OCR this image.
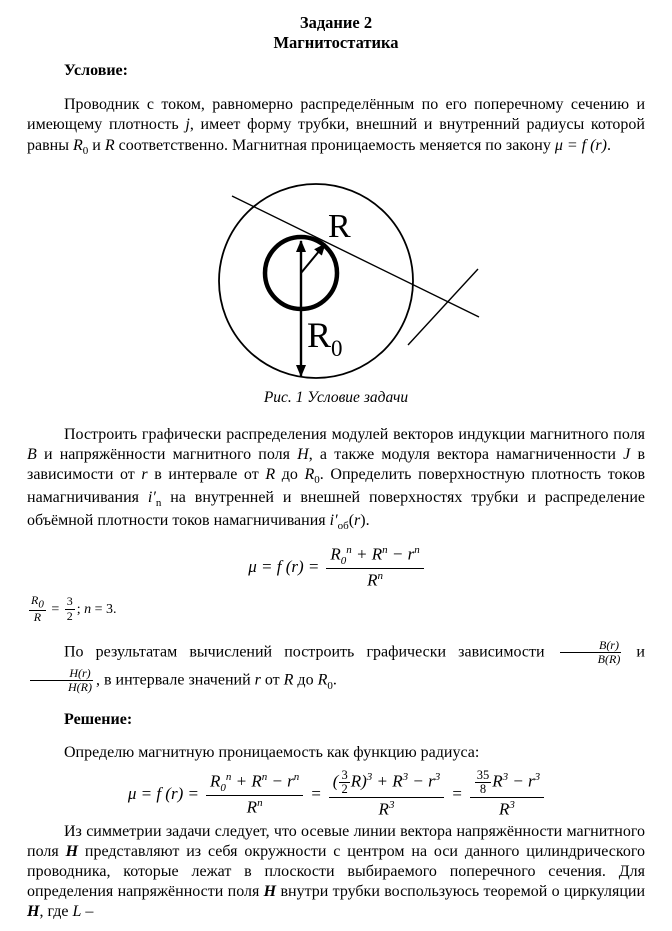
Задание 2
Магнитостатика
Условие:

Проводник с током, равномерно распределённым по его поперечному сечению и имеющему плотность j, имеет форму трубки, внешний и внутренний радиусы которой равны $R_0$ и R соответственно. Магнитная проницаемость меняется по закону μ = f (r).

R
$R_0$
Рис. 1 Условие задачи

Построить графически распределения модулей векторов индукции магнитного поля B и напряжённости магнитного поля H, а также модуля вектора намагниченности J в зависимости от r в интервале от R до $R_0$. Определить поверхностную плотность токов намагничивания $i'_n$ на внутренней и внешней поверхностях трубки и распределение объёмной плотности токов намагничивания $i'_{об}(r)$.

μ = f $(r) = \frac{R_0^n + R^n - r^n}{R^n}$
$\frac{R_0}{R} = \frac{3}{2}$ ; n = 3.

По результатам вычислений построить графически зависимости $\frac{B(r)}{B(R)}$ и
$\frac{H(r)}{H(R)}$ , в интервале значений r от R до $R_0$.

Решение:

Определю магнитную проницаемость как функцию радиуса:

μ = f $(r) = \frac{R_0^n + R^n - r^n}{R^n} = \frac{( \frac{3}{2} R)^3 + R^3 - r^3}{R^3} = \frac{\frac{35}{8} R^3 - r^3}{R^3}$

Из симметрии задачи следует, что осевые линии вектора напряжённости магнитного поля H представляют из себя окружности с центром на оси данного цилиндрического проводника, которые лежат в плоскости выбираемого поперечного сечения. Для определения напряжённости поля H внутри трубки воспользуюсь теоремой о циркуляции H, где L –
